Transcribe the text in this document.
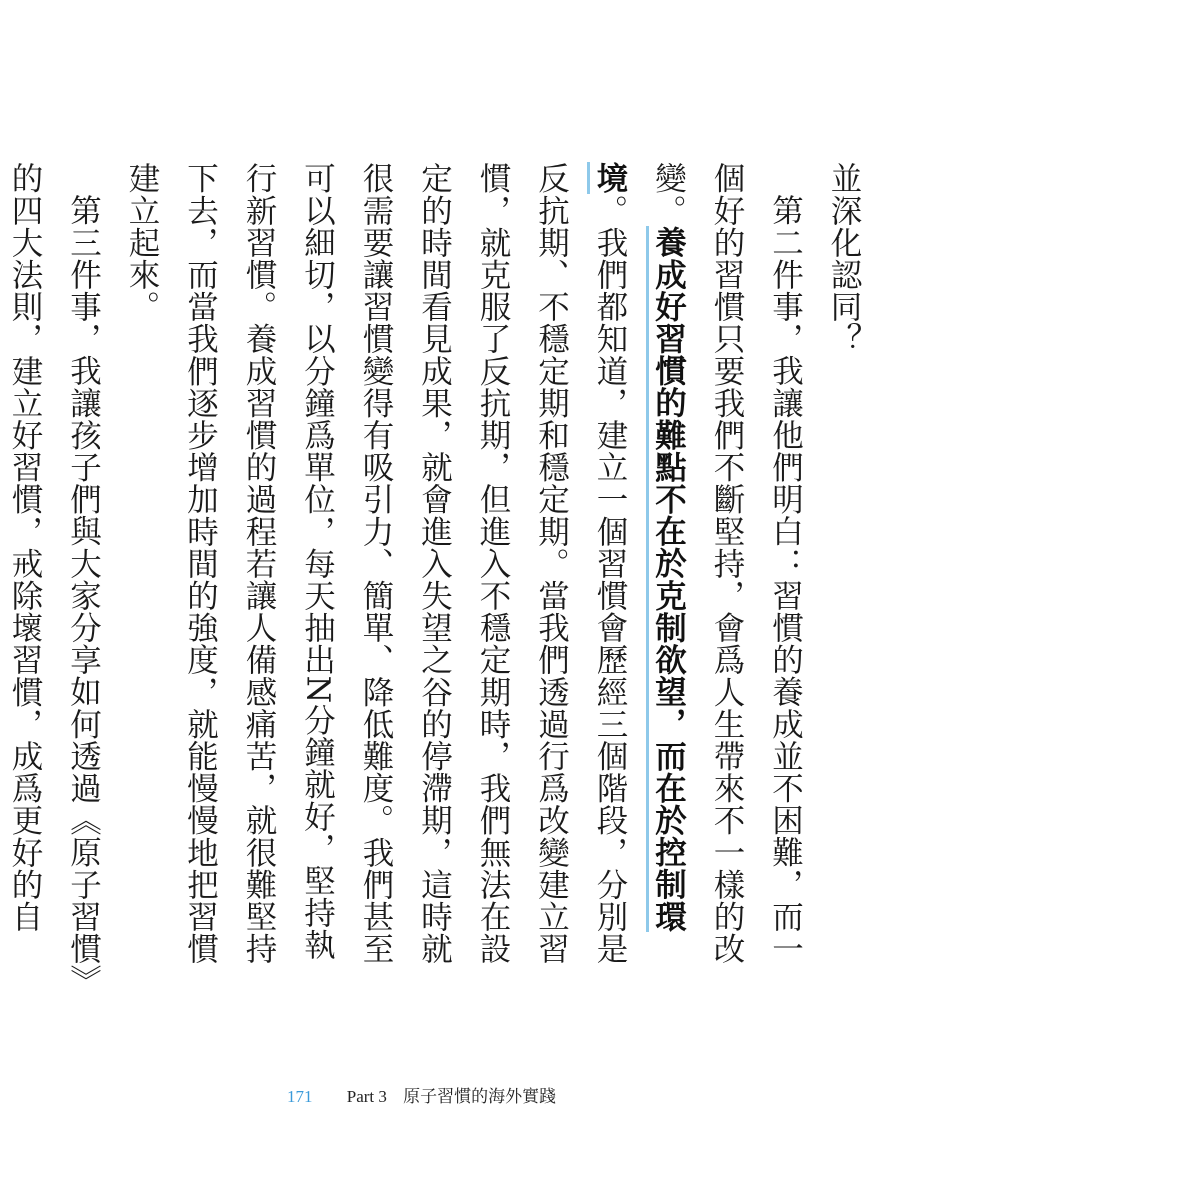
並深化認同？

第二件事，我讓他們明白：習慣的養成並不困難，而一個好的習慣只要我們不斷堅持，會爲人生帶來不一樣的改變。養成好習慣的難點不在於克制欲望，而在於控制環境。我們都知道，建立一個習慣會歷經三個階段，分別是反抗期、不穩定期和穩定期。當我們透過行爲改變建立習慣，就克服了反抗期，但進入不穩定期時，我們無法在設定的時間看見成果，就會進入失望之谷的停滯期，這時就很需要讓習慣變得有吸引力、簡單、降低難度。我們甚至可以細切，以分鐘爲單位，每天抽出N分鐘就好，堅持執行新習慣。養成習慣的過程若讓人備感痛苦，就很難堅持下去，而當我們逐步增加時間的強度，就能慢慢地把習慣建立起來。

第三件事，我讓孩子們與大家分享如何透過《原子習慣》的四大法則，建立好習慣，戒除壞習慣，成爲更好的自

171 Part 3 原子習慣的海外實踐
